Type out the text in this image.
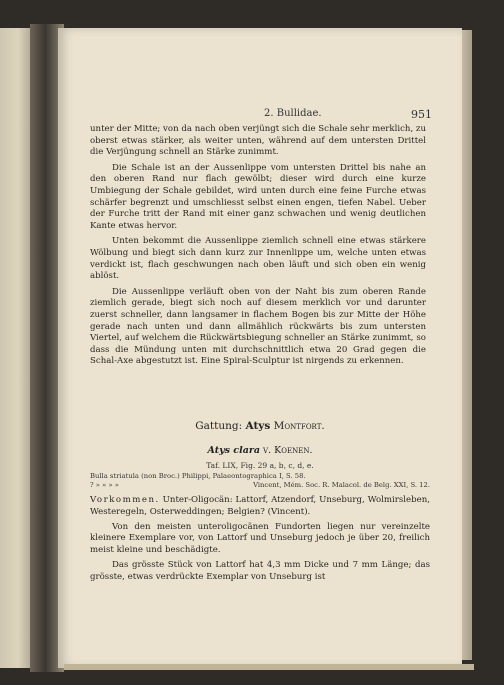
2. Bullidae.	951

unter der Mitte; von da nach oben verjüngt sich die Schale sehr merklich, zu oberst etwas stärker, als weiter unten, während auf dem untersten Drittel die Verjüngung schnell an Stärke zunimmt.

Die Schale ist an der Aussenlippe vom untersten Drittel bis nahe an den oberen Rand nur flach gewölbt; dieser wird durch eine kurze Umbiegung der Schale gebildet, wird unten durch eine feine Furche etwas schärfer begrenzt und umschliesst selbst einen engen, tiefen Nabel. Ueber der Furche tritt der Rand mit einer ganz schwachen und wenig deutlichen Kante etwas hervor.

Unten bekommt die Aussenlippe ziemlich schnell eine etwas stärkere Wölbung und biegt sich dann kurz zur Innenlippe um, welche unten etwas verdickt ist, flach geschwungen nach oben läuft und sich oben ein wenig ablöst.

Die Aussenlippe verläuft oben von der Naht bis zum oberen Rande ziemlich gerade, biegt sich noch auf diesem merklich vor und darunter zuerst schneller, dann langsamer in flachem Bogen bis zur Mitte der Höhe gerade nach unten und dann allmählich rückwärts bis zum untersten Viertel, auf welchem die Rückwärtsbiegung schneller an Stärke zunimmt, so dass die Mündung unten mit durchschnittlich etwa 20 Grad gegen die Schal-Axe abgestutzt ist. Eine Spiral-Sculptur ist nirgends zu erkennen.

Gattung: Atys Montfort.
Atys clara v. Koenen.
Taf. LIX, Fig. 29 a, b, c, d, e.
Bulla striatula (non Broc.) Philippi, Palaeontographica I, S. 58.
? » » » »	Vincent, Mém. Soc. R. Malacol. de Belg. XXI, S. 12.

Vorkommen. Unter-Oligocän: Lattorf, Atzendorf, Unseburg, Wolmirsleben, Westeregeln, Osterweddingen; Belgien? (Vincent).

Von den meisten unteroligocänen Fundorten liegen nur vereinzelte kleinere Exemplare vor, von Lattorf und Unseburg jedoch je über 20, freilich meist kleine und beschädigte.

Das grösste Stück von Lattorf hat 4,3 mm Dicke und 7 mm Länge; das grösste, etwas verdrückte Exemplar von Unseburg ist
